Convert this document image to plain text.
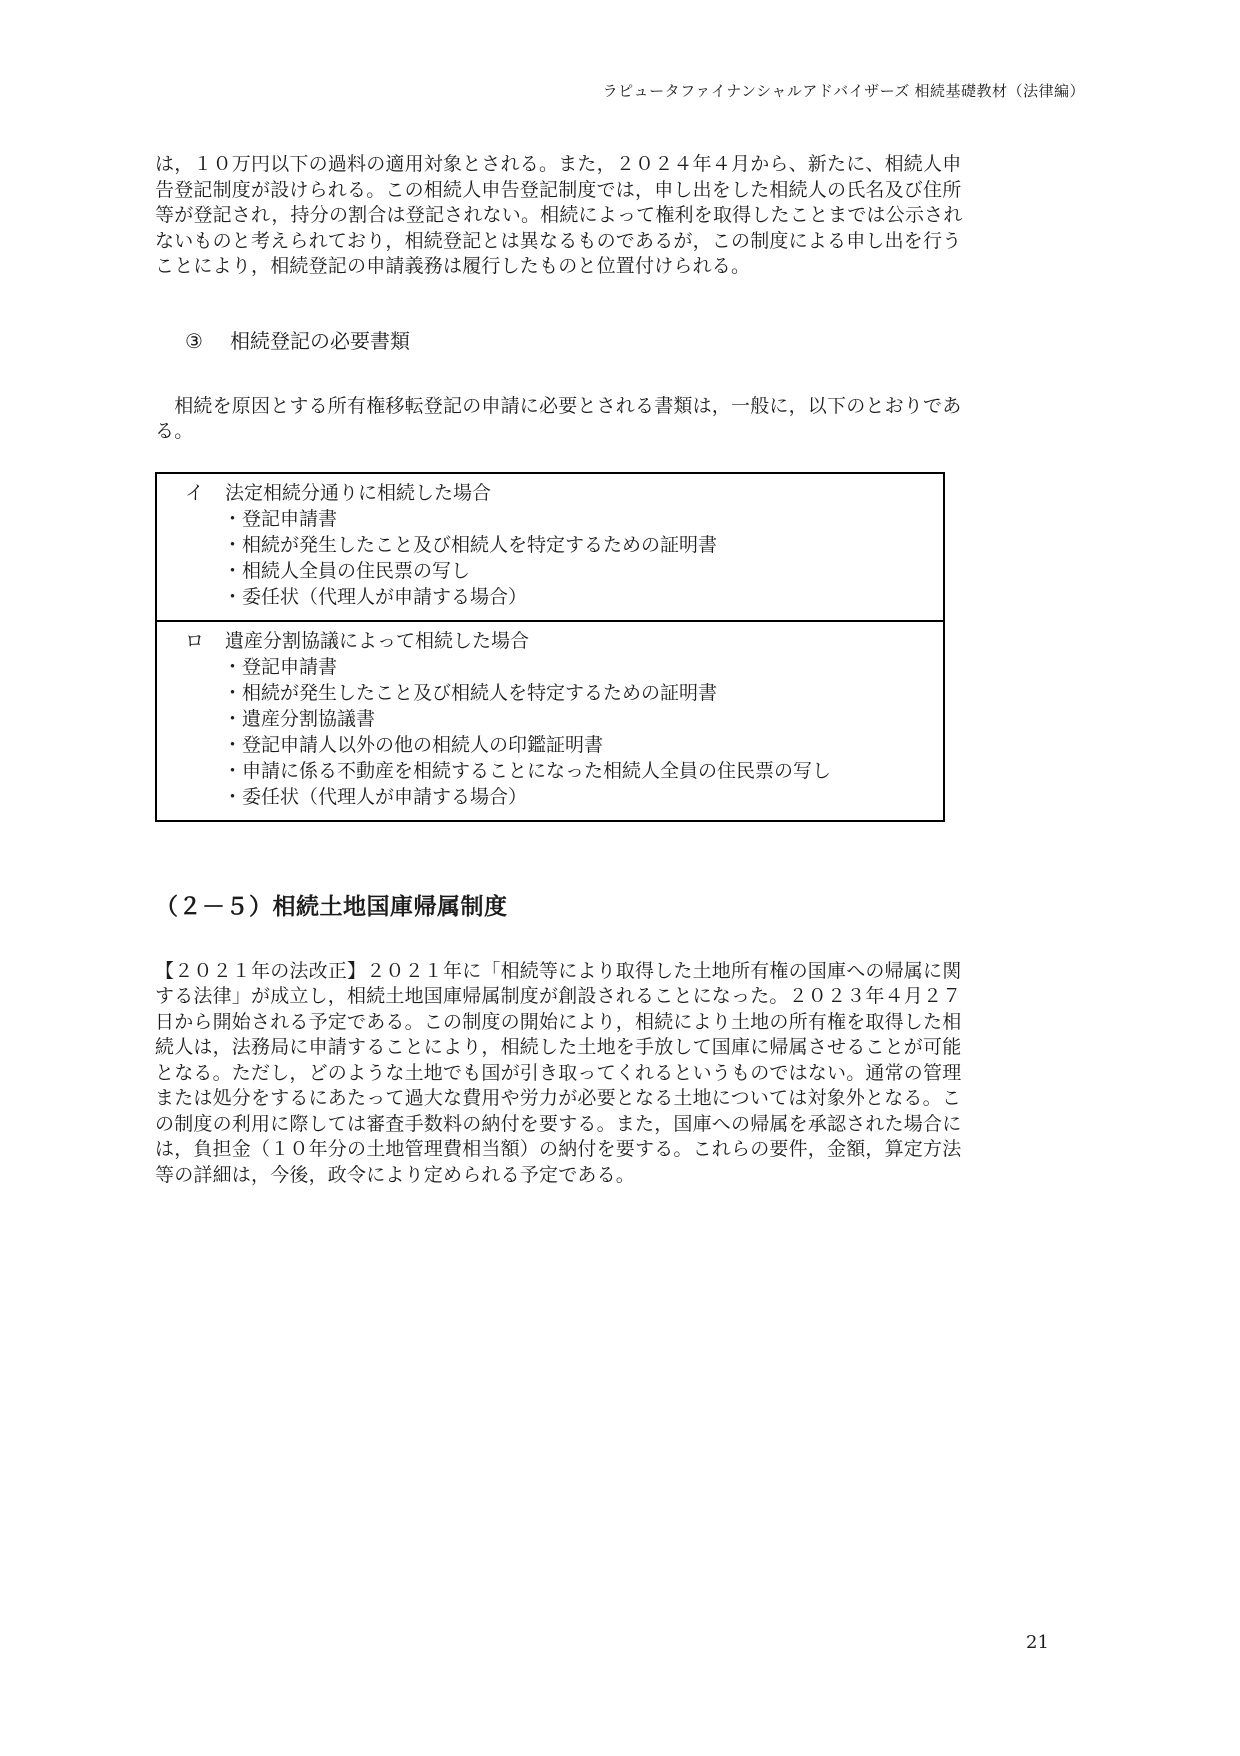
ラピュータファイナンシャルアドバイザーズ 相続基礎教材（法律編）
は，１０万円以下の過料の適用対象とされる。また，２０２４年４月から、新たに、相続人申
告登記制度が設けられる。この相続人申告登記制度では，申し出をした相続人の氏名及び住所
等が登記され，持分の割合は登記されない。相続によって権利を取得したことまでは公示され
ないものと考えられており，相続登記とは異なるものであるが，この制度による申し出を行う
ことにより，相続登記の申請義務は履行したものと位置付けられる。
③ 相続登記の必要書類
　相続を原因とする所有権移転登記の申請に必要とされる書類は，一般に，以下のとおりであ
る。
イ 法定相続分通りに相続した場合
・登記申請書
・相続が発生したこと及び相続人を特定するための証明書
・相続人全員の住民票の写し
・委任状（代理人が申請する場合）
ロ 遺産分割協議によって相続した場合
・登記申請書
・相続が発生したこと及び相続人を特定するための証明書
・遺産分割協議書
・登記申請人以外の他の相続人の印鑑証明書
・申請に係る不動産を相続することになった相続人全員の住民票の写し
・委任状（代理人が申請する場合）
（２－５）相続土地国庫帰属制度
【２０２１年の法改正】２０２１年に「相続等により取得した土地所有権の国庫への帰属に関
する法律」が成立し，相続土地国庫帰属制度が創設されることになった。２０２３年４月２７
日から開始される予定である。この制度の開始により，相続により土地の所有権を取得した相
続人は，法務局に申請することにより，相続した土地を手放して国庫に帰属させることが可能
となる。ただし，どのような土地でも国が引き取ってくれるというものではない。通常の管理
または処分をするにあたって過大な費用や労力が必要となる土地については対象外となる。こ
の制度の利用に際しては審査手数料の納付を要する。また，国庫への帰属を承認された場合に
は，負担金（１０年分の土地管理費相当額）の納付を要する。これらの要件，金額，算定方法
等の詳細は，今後，政令により定められる予定である。
21
